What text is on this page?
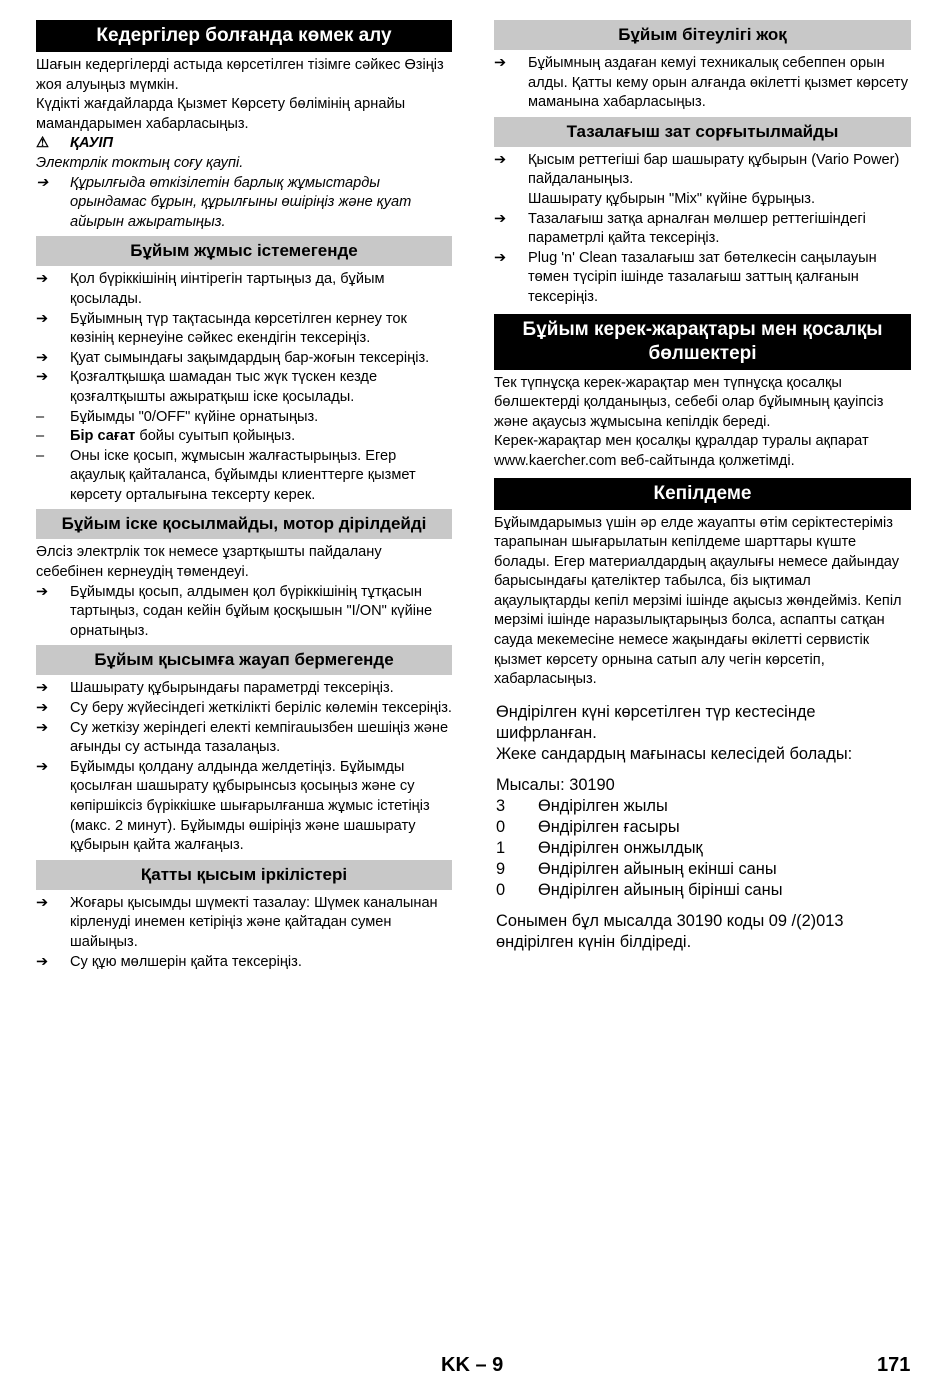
Кедергілер болғанда көмек алу

Шағын кедергілерді астыда көрсетілген тізімге сәйкес Өзіңіз жоя алуыңыз мүмкін.

Күдікті жағдайларда Қызмет Көрсету бөлімінің арнайы мамандарымен хабарласыңыз.

⚠ ҚАУІП

Электрлік токтың соғу қаупі.

➔	Құрылғыда өткізілетін барлық жұмыстарды орындамас бұрын, құрылғыны өшіріңіз және қуат айырын ажыратыңыз.
Бұйым жұмыс істемегенде
➔	Қол бүріккішінің иінтірегін тартыңыз да, бұйым қосылады.
➔	Бұйымның түр тақтасында көрсетілген кернеу ток көзінің кернеуіне сәйкес екендігін тексеріңіз.
➔	Қуат сымындағы зақымдардың бар-жоғын тексеріңіз.
➔	Қозғалтқышқа шамадан тыс жүк түскен кезде қозғалтқышты ажыратқыш іске қосылады.
–	Бұйымды "0/OFF" күйіне орнатыңыз.
–	Бір сағат бойы суытып қойыңыз.
–	Оны іске қосып, жұмысын жалғастырыңыз. Егер ақаулық қайталанса, бұйымды клиенттерге қызмет көрсету орталығына тексерту керек.
Бұйым іске қосылмайды, мотор дірілдейді

Әлсіз электрлік ток немесе ұзартқышты пайдалану себебінен кернеудің төмендеуі.

➔	Бұйымды қосып, алдымен қол бүріккішінің тұтқасын тартыңыз, содан кейін бұйым қосқышын "I/ON" күйіне орнатыңыз.
Бұйым қысымға жауап бермегенде
➔	Шашырату құбырындағы параметрді тексеріңіз.
➔	Су беру жүйесіндегі жеткілікті беріліс көлемін тексеріңіз.
➔	Су жеткізу жеріндегі електі кемпіrauызбен шешіңіз және ағынды су астында тазалаңыз.
➔	Бұйымды қолдану алдында желдетіңіз. Бұйымды қосылған шашырату құбырынсыз қосыңыз және су көпіршіксіз бүріккішке шығарылғанша жұмыс істетіңіз (макс. 2 минут). Бұйымды өшіріңіз және шашырату құбырын қайта жалғаңыз.
Қатты қысым іркілістері
➔	Жоғары қысымды шүмекті тазалау: Шүмек каналынан кірленуді инемен кетіріңіз және қайтадан сумен шайыңыз.
➔	Су құю мөлшерін қайта тексеріңіз.
Бұйым бітеулігі жоқ
➔	Бұйымның аздаған кемуі техникалық себеппен орын алды. Қатты кему орын алғанда өкілетті қызмет көрсету маманына хабарласыңыз.
Тазалағыш зат сорғытылмайды
➔	Қысым реттегіші бар шашырату құбырын (Vario Power) пайдаланыңыз.
Шашырату құбырын "Mix" күйіне бұрыңыз.
➔	Тазалағыш затқа арналған мөлшер реттегішіндегі параметрлі қайта тексеріңіз.
➔	Plug 'n' Clean тазалағыш зат бөтелкесін саңылауын төмен түсіріп ішінде тазалағыш заттың қалғанын тексеріңіз.
Бұйым керек-жарақтары мен қосалқы бөлшектері

Тек түпнұсқа керек-жарақтар мен түпнұсқа қосалқы бөлшектерді қолданыңыз, себебі олар бұйымның қауіпсіз және ақаусыз жұмысына кепілдік береді.

Керек-жарақтар мен қосалқы құралдар туралы ақпарат www.kaercher.com веб-сайтында қолжетімді.

Кепілдеме

Бұйымдарымыз үшін әр елде жауапты өтім серіктестеріміз тарапынан шығарылатын кепілдеме шарттары күште болады. Егер материалдардың ақаулығы немесе дайындау барысындағы қателіктер табылса, біз ықтимал ақаулықтарды кепіл мерзімі ішінде ақысыз жөндейміз. Кепіл мерзімі ішінде наразылықтарыңыз болса, аспапты сатқан сауда мекемесіне немесе жақындағы өкілетті сервистік қызмет көрсету орнына сатып алу чегін көрсетіп, хабарласыңыз.

Өндірілген күні көрсетілген түр кестесінде шифрланған.

Жеке сандардың мағынасы келесідей болады:

Мысалы: 30190

3 Өндірілген жылы
0 Өндірілген ғасыры
1 Өндірілген онжылдық
9 Өндірілген айының екінші саны
0 Өндірілген айының бірінші саны

Сонымен бұл мысалда 30190 коды 09 /(2)013 өндірілген күнін білдіреді.

KK – 9	171
